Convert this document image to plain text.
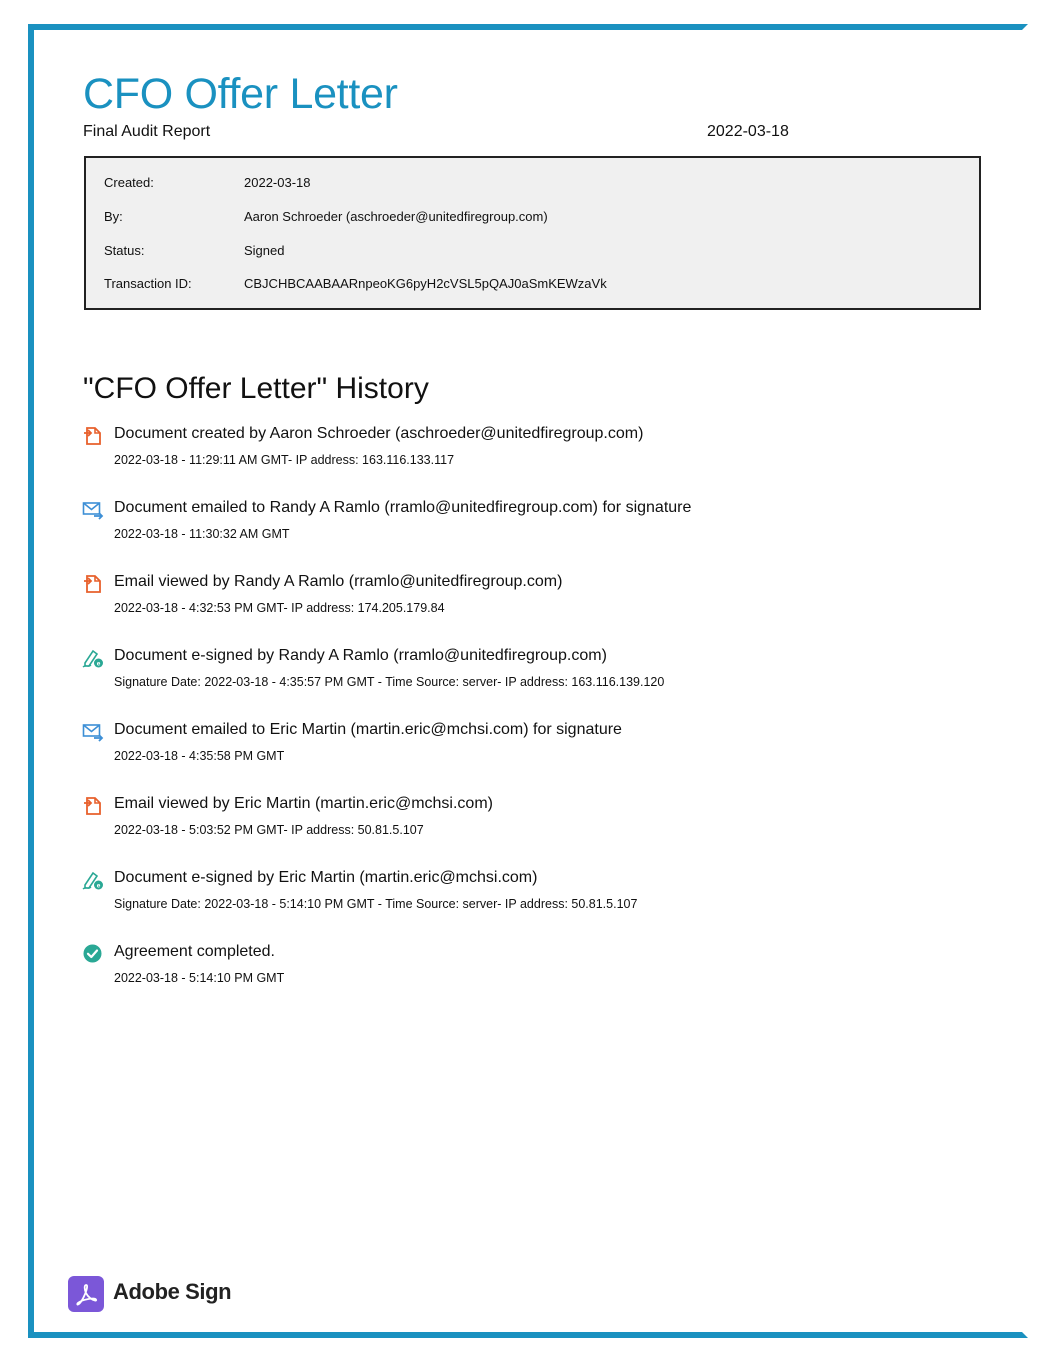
CFO Offer Letter
Final Audit Report	2022-03-18
Created:	2022-03-18
By:	Aaron Schroeder (aschroeder@unitedfiregroup.com)
Status:	Signed
Transaction ID:	CBJCHBCAABAARnpeoKG6pyH2cVSL5pQAJ0aSmKEWzaVk
"CFO Offer Letter" History
Document created by Aaron Schroeder (aschroeder@unitedfiregroup.com)
2022-03-18 - 11:29:11 AM GMT- IP address: 163.116.133.117
Document emailed to Randy A Ramlo (rramlo@unitedfiregroup.com) for signature
2022-03-18 - 11:30:32 AM GMT
Email viewed by Randy A Ramlo (rramlo@unitedfiregroup.com)
2022-03-18 - 4:32:53 PM GMT- IP address: 174.205.179.84
e Document e-signed by Randy A Ramlo (rramlo@unitedfiregroup.com)
Signature Date: 2022-03-18 - 4:35:57 PM GMT - Time Source: server- IP address: 163.116.139.120
Document emailed to Eric Martin (martin.eric@mchsi.com) for signature
2022-03-18 - 4:35:58 PM GMT
Email viewed by Eric Martin (martin.eric@mchsi.com)
2022-03-18 - 5:03:52 PM GMT- IP address: 50.81.5.107
e Document e-signed by Eric Martin (martin.eric@mchsi.com)
Signature Date: 2022-03-18 - 5:14:10 PM GMT - Time Source: server- IP address: 50.81.5.107
Agreement completed.
2022-03-18 - 5:14:10 PM GMT
Adobe Sign
